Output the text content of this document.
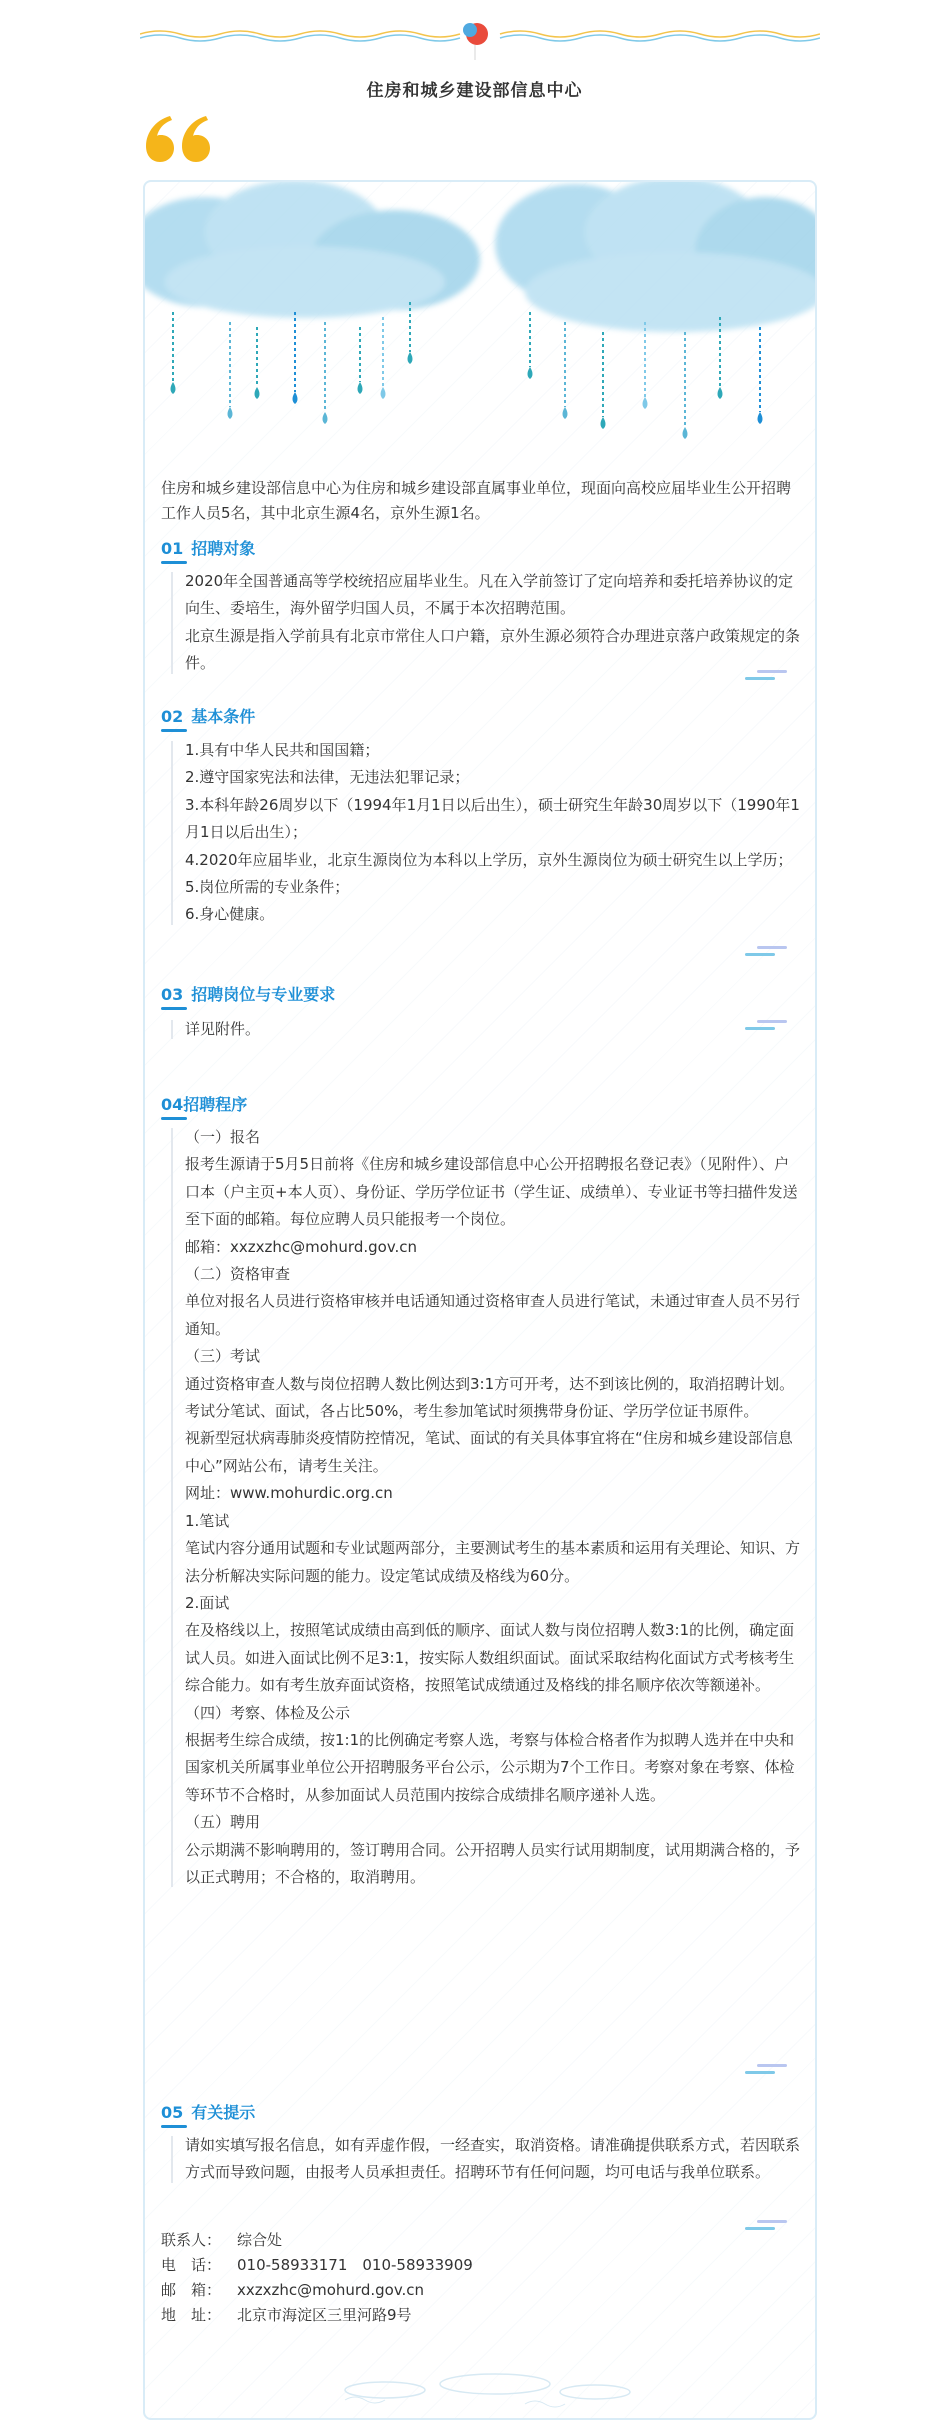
住房和城乡建设部信息中心

住房和城乡建设部信息中心为住房和城乡建设部直属事业单位，现面向高校应届毕业生公开招聘工作人员5名，其中北京生源4名，京外生源1名。

01 招聘对象

2020年全国普通高等学校统招应届毕业生。凡在入学前签订了定向培养和委托培养协议的定向生、委培生，海外留学归国人员，不属于本次招聘范围。

北京生源是指入学前具有北京市常住人口户籍，京外生源必须符合办理进京落户政策规定的条件。

02 基本条件

1.具有中华人民共和国国籍；

2.遵守国家宪法和法律，无违法犯罪记录；

3.本科年龄26周岁以下（1994年1月1日以后出生），硕士研究生年龄30周岁以下（1990年1月1日以后出生）；

4.2020年应届毕业，北京生源岗位为本科以上学历，京外生源岗位为硕士研究生以上学历；

5.岗位所需的专业条件；

6.身心健康。

03 招聘岗位与专业要求

详见附件。

04招聘程序

（一）报名

报考生源请于5月5日前将《住房和城乡建设部信息中心公开招聘报名登记表》（见附件）、户口本（户主页+本人页）、身份证、学历学位证书（学生证、成绩单）、专业证书等扫描件发送至下面的邮箱。每位应聘人员只能报考一个岗位。

邮箱：xxzxzhc@mohurd.gov.cn

（二）资格审查

单位对报名人员进行资格审核并电话通知通过资格审查人员进行笔试，未通过审查人员不另行通知。

（三）考试

通过资格审查人数与岗位招聘人数比例达到3:1方可开考，达不到该比例的，取消招聘计划。

考试分笔试、面试，各占比50%，考生参加笔试时须携带身份证、学历学位证书原件。

视新型冠状病毒肺炎疫情防控情况，笔试、面试的有关具体事宜将在“住房和城乡建设部信息中心”网站公布，请考生关注。

网址：www.mohurdic.org.cn

1.笔试

笔试内容分通用试题和专业试题两部分，主要测试考生的基本素质和运用有关理论、知识、方法分析解决实际问题的能力。设定笔试成绩及格线为60分。

2.面试

在及格线以上，按照笔试成绩由高到低的顺序、面试人数与岗位招聘人数3:1的比例，确定面试人员。如进入面试比例不足3:1，按实际人数组织面试。面试采取结构化面试方式考核考生综合能力。如有考生放弃面试资格，按照笔试成绩通过及格线的排名顺序依次等额递补。

（四）考察、体检及公示

根据考生综合成绩，按1:1的比例确定考察人选，考察与体检合格者作为拟聘人选并在中央和国家机关所属事业单位公开招聘服务平台公示，公示期为7个工作日。考察对象在考察、体检等环节不合格时，从参加面试人员范围内按综合成绩排名顺序递补人选。

（五）聘用

公示期满不影响聘用的，签订聘用合同。公开招聘人员实行试用期制度，试用期满合格的，予以正式聘用；不合格的，取消聘用。

05 有关提示

请如实填写报名信息，如有弄虚作假，一经查实，取消资格。请准确提供联系方式，若因联系方式而导致问题，由报考人员承担责任。招聘环节有任何问题，均可电话与我单位联系。

联系人：	综合处
电　话：	010-58933171　010-58933909
邮　箱：	xxzxzhc@mohurd.gov.cn
地　址：	北京市海淀区三里河路9号
